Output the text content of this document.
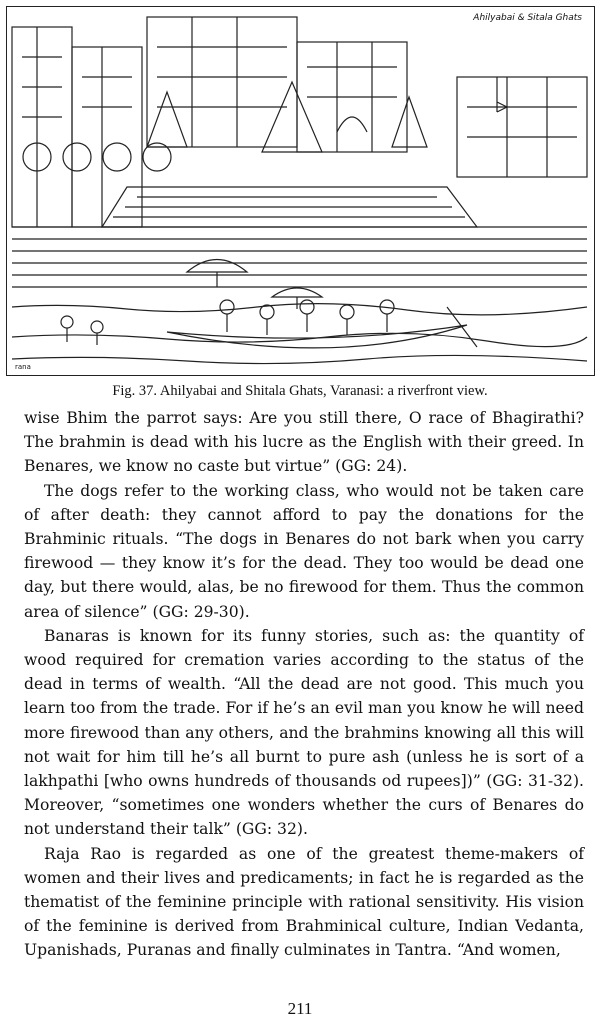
Ahilyabai & Sitala Ghats
rana
Fig. 37. Ahilyabai and Shitala Ghats, Varanasi: a riverfront view.

wise Bhim the parrot says: Are you still there, O race of Bhagirathi? The brahmin is dead with his lucre as the English with their greed. In Benares, we know no caste but virtue” (GG: 24).

The dogs refer to the working class, who would not be taken care of after death: they cannot afford to pay the donations for the Brahminic rituals. “The dogs in Benares do not bark when you carry firewood — they know it’s for the dead. They too would be dead one day, but there would, alas, be no firewood for them. Thus the common area of silence” (GG: 29-30).

Banaras is known for its funny stories, such as: the quantity of wood required for cremation varies according to the status of the dead in terms of wealth. “All the dead are not good. This much you learn too from the trade. For if he’s an evil man you know he will need more firewood than any others, and the brahmins knowing all this will not wait for him till he’s all burnt to pure ash (unless he is sort of a lakhpathi [who owns hundreds of thousands od rupees])” (GG: 31-32). Moreover, “sometimes one wonders whether the curs of Benares do not understand their talk” (GG: 32).

Raja Rao is regarded as one of the greatest theme-makers of women and their lives and predicaments; in fact he is regarded as the thematist of the feminine principle with rational sensitivity. His vision of the feminine is derived from Brahminical culture, Indian Vedanta, Upanishads, Puranas and finally culminates in Tantra. “And women,

211
